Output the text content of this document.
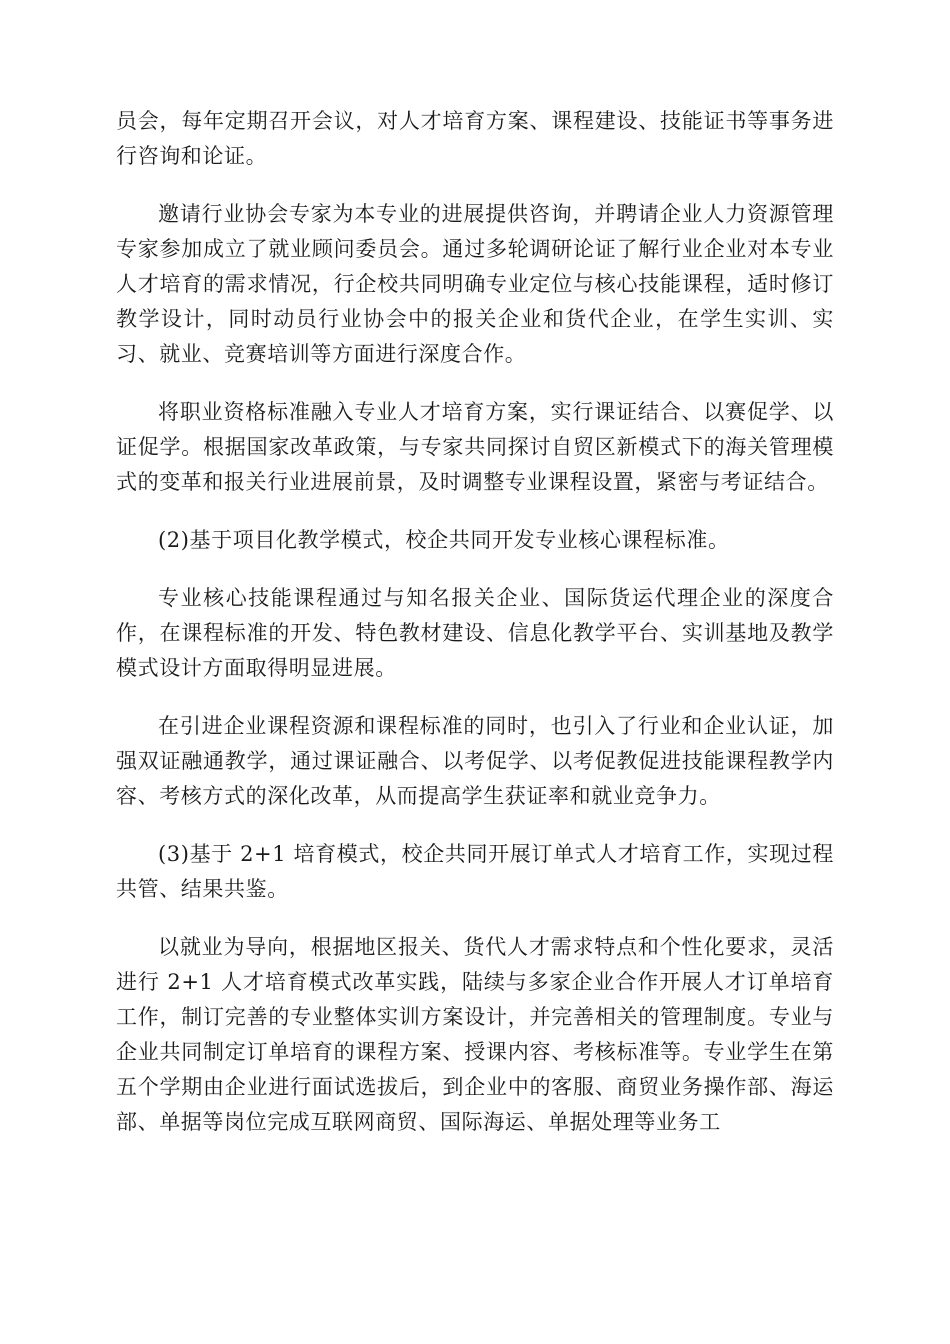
员会，每年定期召开会议，对人才培育方案、课程建设、技能证书等事务进行咨询和论证。

邀请行业协会专家为本专业的进展提供咨询，并聘请企业人力资源管理专家参加成立了就业顾问委员会。通过多轮调研论证了解行业企业对本专业人才培育的需求情况，行企校共同明确专业定位与核心技能课程，适时修订教学设计，同时动员行业协会中的报关企业和货代企业，在学生实训、实习、就业、竞赛培训等方面进行深度合作。

将职业资格标准融入专业人才培育方案，实行课证结合、以赛促学、以证促学。根据国家改革政策，与专家共同探讨自贸区新模式下的海关管理模式的变革和报关行业进展前景，及时调整专业课程设置，紧密与考证结合。

(2)基于项目化教学模式，校企共同开发专业核心课程标准。

专业核心技能课程通过与知名报关企业、国际货运代理企业的深度合作，在课程标准的开发、特色教材建设、信息化教学平台、实训基地及教学模式设计方面取得明显进展。

在引进企业课程资源和课程标准的同时，也引入了行业和企业认证，加强双证融通教学，通过课证融合、以考促学、以考促教促进技能课程教学内容、考核方式的深化改革，从而提高学生获证率和就业竞争力。

(3)基于 2+1 培育模式，校企共同开展订单式人才培育工作，实现过程共管、结果共鉴。

以就业为导向，根据地区报关、货代人才需求特点和个性化要求，灵活进行 2+1 人才培育模式改革实践，陆续与多家企业合作开展人才订单培育工作，制订完善的专业整体实训方案设计，并完善相关的管理制度。专业与企业共同制定订单培育的课程方案、授课内容、考核标准等。专业学生在第五个学期由企业进行面试选拔后，到企业中的客服、商贸业务操作部、海运部、单据等岗位完成互联网商贸、国际海运、单据处理等业务工
